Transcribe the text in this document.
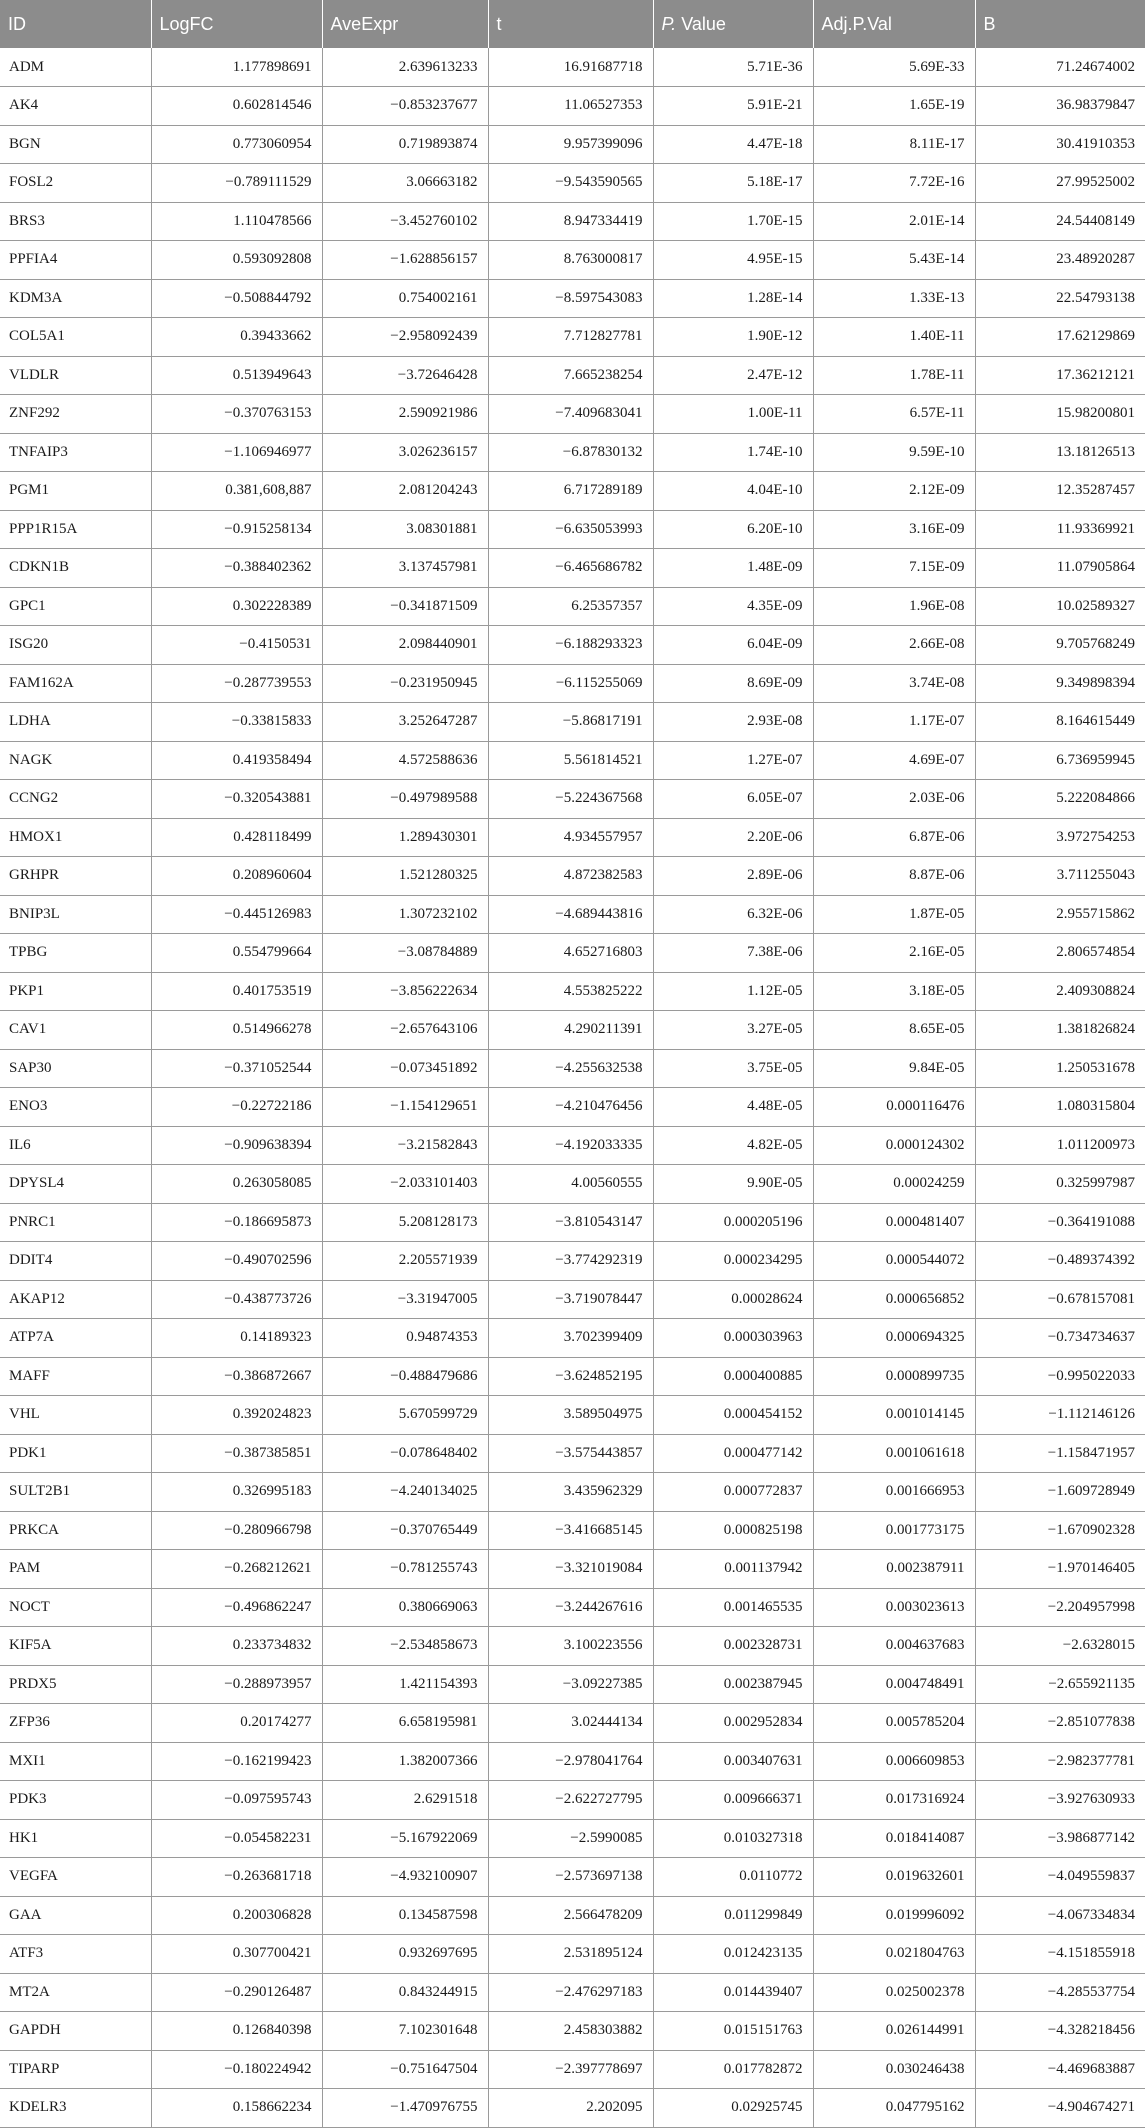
ID	LogFC	AveExpr	t	P. Value	Adj.P.Val	B
ADM	1.177898691	2.639613233	16.91687718	5.71E-36	5.69E-33	71.24674002
AK4	0.602814546	−0.853237677	11.06527353	5.91E-21	1.65E-19	36.98379847
BGN	0.773060954	0.719893874	9.957399096	4.47E-18	8.11E-17	30.41910353
FOSL2	−0.789111529	3.06663182	−9.543590565	5.18E-17	7.72E-16	27.99525002
BRS3	1.110478566	−3.452760102	8.947334419	1.70E-15	2.01E-14	24.54408149
PPFIA4	0.593092808	−1.628856157	8.763000817	4.95E-15	5.43E-14	23.48920287
KDM3A	−0.508844792	0.754002161	−8.597543083	1.28E-14	1.33E-13	22.54793138
COL5A1	0.39433662	−2.958092439	7.712827781	1.90E-12	1.40E-11	17.62129869
VLDLR	0.513949643	−3.72646428	7.665238254	2.47E-12	1.78E-11	17.36212121
ZNF292	−0.370763153	2.590921986	−7.409683041	1.00E-11	6.57E-11	15.98200801
TNFAIP3	−1.106946977	3.026236157	−6.87830132	1.74E-10	9.59E-10	13.18126513
PGM1	0.381,608,887	2.081204243	6.717289189	4.04E-10	2.12E-09	12.35287457
PPP1R15A	−0.915258134	3.08301881	−6.635053993	6.20E-10	3.16E-09	11.93369921
CDKN1B	−0.388402362	3.137457981	−6.465686782	1.48E-09	7.15E-09	11.07905864
GPC1	0.302228389	−0.341871509	6.25357357	4.35E-09	1.96E-08	10.02589327
ISG20	−0.4150531	2.098440901	−6.188293323	6.04E-09	2.66E-08	9.705768249
FAM162A	−0.287739553	−0.231950945	−6.115255069	8.69E-09	3.74E-08	9.349898394
LDHA	−0.33815833	3.252647287	−5.86817191	2.93E-08	1.17E-07	8.164615449
NAGK	0.419358494	4.572588636	5.561814521	1.27E-07	4.69E-07	6.736959945
CCNG2	−0.320543881	−0.497989588	−5.224367568	6.05E-07	2.03E-06	5.222084866
HMOX1	0.428118499	1.289430301	4.934557957	2.20E-06	6.87E-06	3.972754253
GRHPR	0.208960604	1.521280325	4.872382583	2.89E-06	8.87E-06	3.711255043
BNIP3L	−0.445126983	1.307232102	−4.689443816	6.32E-06	1.87E-05	2.955715862
TPBG	0.554799664	−3.08784889	4.652716803	7.38E-06	2.16E-05	2.806574854
PKP1	0.401753519	−3.856222634	4.553825222	1.12E-05	3.18E-05	2.409308824
CAV1	0.514966278	−2.657643106	4.290211391	3.27E-05	8.65E-05	1.381826824
SAP30	−0.371052544	−0.073451892	−4.255632538	3.75E-05	9.84E-05	1.250531678
ENO3	−0.22722186	−1.154129651	−4.210476456	4.48E-05	0.000116476	1.080315804
IL6	−0.909638394	−3.21582843	−4.192033335	4.82E-05	0.000124302	1.011200973
DPYSL4	0.263058085	−2.033101403	4.00560555	9.90E-05	0.00024259	0.325997987
PNRC1	−0.186695873	5.208128173	−3.810543147	0.000205196	0.000481407	−0.364191088
DDIT4	−0.490702596	2.205571939	−3.774292319	0.000234295	0.000544072	−0.489374392
AKAP12	−0.438773726	−3.31947005	−3.719078447	0.00028624	0.000656852	−0.678157081
ATP7A	0.14189323	0.94874353	3.702399409	0.000303963	0.000694325	−0.734734637
MAFF	−0.386872667	−0.488479686	−3.624852195	0.000400885	0.000899735	−0.995022033
VHL	0.392024823	5.670599729	3.589504975	0.000454152	0.001014145	−1.112146126
PDK1	−0.387385851	−0.078648402	−3.575443857	0.000477142	0.001061618	−1.158471957
SULT2B1	0.326995183	−4.240134025	3.435962329	0.000772837	0.001666953	−1.609728949
PRKCA	−0.280966798	−0.370765449	−3.416685145	0.000825198	0.001773175	−1.670902328
PAM	−0.268212621	−0.781255743	−3.321019084	0.001137942	0.002387911	−1.970146405
NOCT	−0.496862247	0.380669063	−3.244267616	0.001465535	0.003023613	−2.204957998
KIF5A	0.233734832	−2.534858673	3.100223556	0.002328731	0.004637683	−2.6328015
PRDX5	−0.288973957	1.421154393	−3.09227385	0.002387945	0.004748491	−2.655921135
ZFP36	0.20174277	6.658195981	3.02444134	0.002952834	0.005785204	−2.851077838
MXI1	−0.162199423	1.382007366	−2.978041764	0.003407631	0.006609853	−2.982377781
PDK3	−0.097595743	2.6291518	−2.622727795	0.009666371	0.017316924	−3.927630933
HK1	−0.054582231	−5.167922069	−2.5990085	0.010327318	0.018414087	−3.986877142
VEGFA	−0.263681718	−4.932100907	−2.573697138	0.0110772	0.019632601	−4.049559837
GAA	0.200306828	0.134587598	2.566478209	0.011299849	0.019996092	−4.067334834
ATF3	0.307700421	0.932697695	2.531895124	0.012423135	0.021804763	−4.151855918
MT2A	−0.290126487	0.843244915	−2.476297183	0.014439407	0.025002378	−4.285537754
GAPDH	0.126840398	7.102301648	2.458303882	0.015151763	0.026144991	−4.328218456
TIPARP	−0.180224942	−0.751647504	−2.397778697	0.017782872	0.030246438	−4.469683887
KDELR3	0.158662234	−1.470976755	2.202095	0.02925745	0.047795162	−4.904674271
